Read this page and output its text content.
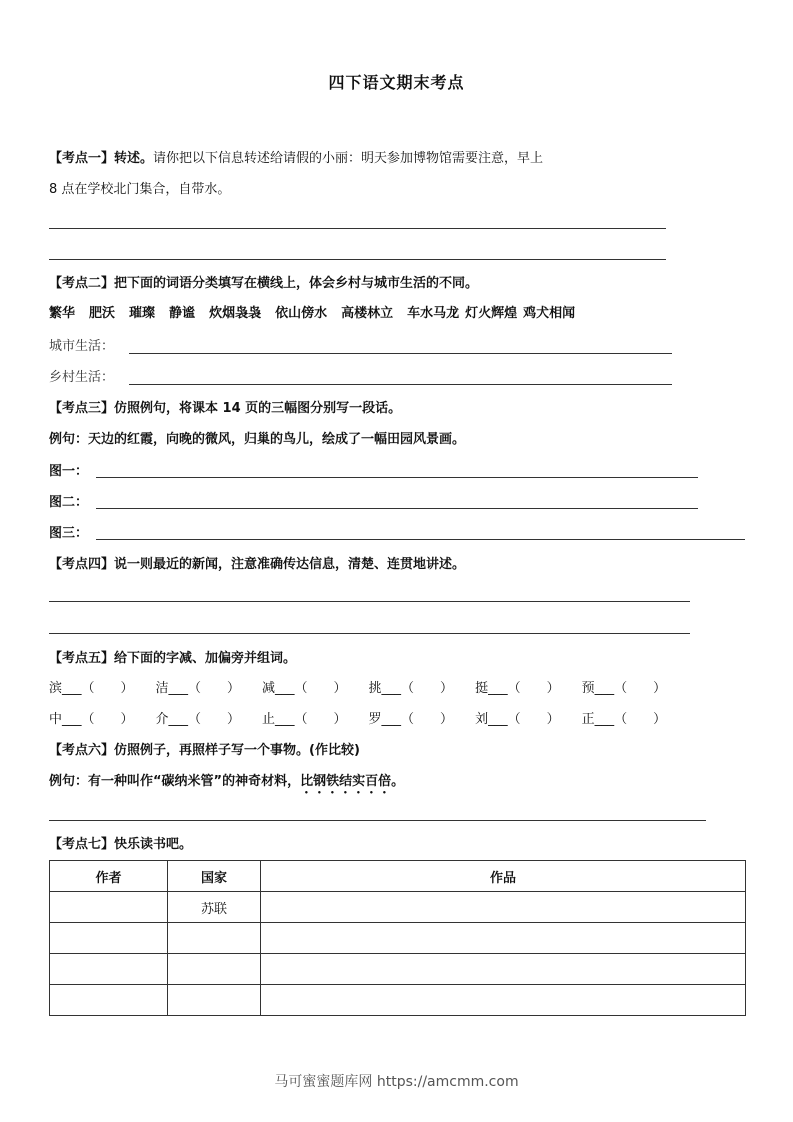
四下语文期末考点
【考点一】转述。请你把以下信息转述给请假的小丽：明天参加博物馆需要注意，早上
8 点在学校北门集合，自带水。
【考点二】把下面的词语分类填写在横线上，体会乡村与城市生活的不同。
繁华 肥沃 璀璨 静谧 炊烟袅袅 依山傍水 高楼林立 车水马龙 灯火辉煌 鸡犬相闻
城市生活：
乡村生活：
【考点三】仿照例句，将课本 14 页的三幅图分别写一段话。
例句：天边的红霞，向晚的微风，归巢的鸟儿，绘成了一幅田园风景画。
图一：
图二：
图三：
【考点四】说一则最近的新闻，注意准确传达信息，清楚、连贯地讲述。
【考点五】给下面的字减、加偏旁并组词。
滨___（　　） 洁___（　　） 减___（　　） 挑___（　　） 挺___（　　） 预___（　　）
中___（　　） 介___（　　） 止___（　　） 罗___（　　） 刘___（　　） 正___（　　）
【考点六】仿照例子，再照样子写一个事物。(作比较)
例句：有一种叫作“碳纳米管”的神奇材料，比钢铁结实百倍。
【考点七】快乐读书吧。
作者	国家	作品
	苏联	

马可蜜蜜题库网 https://amcmm.com
